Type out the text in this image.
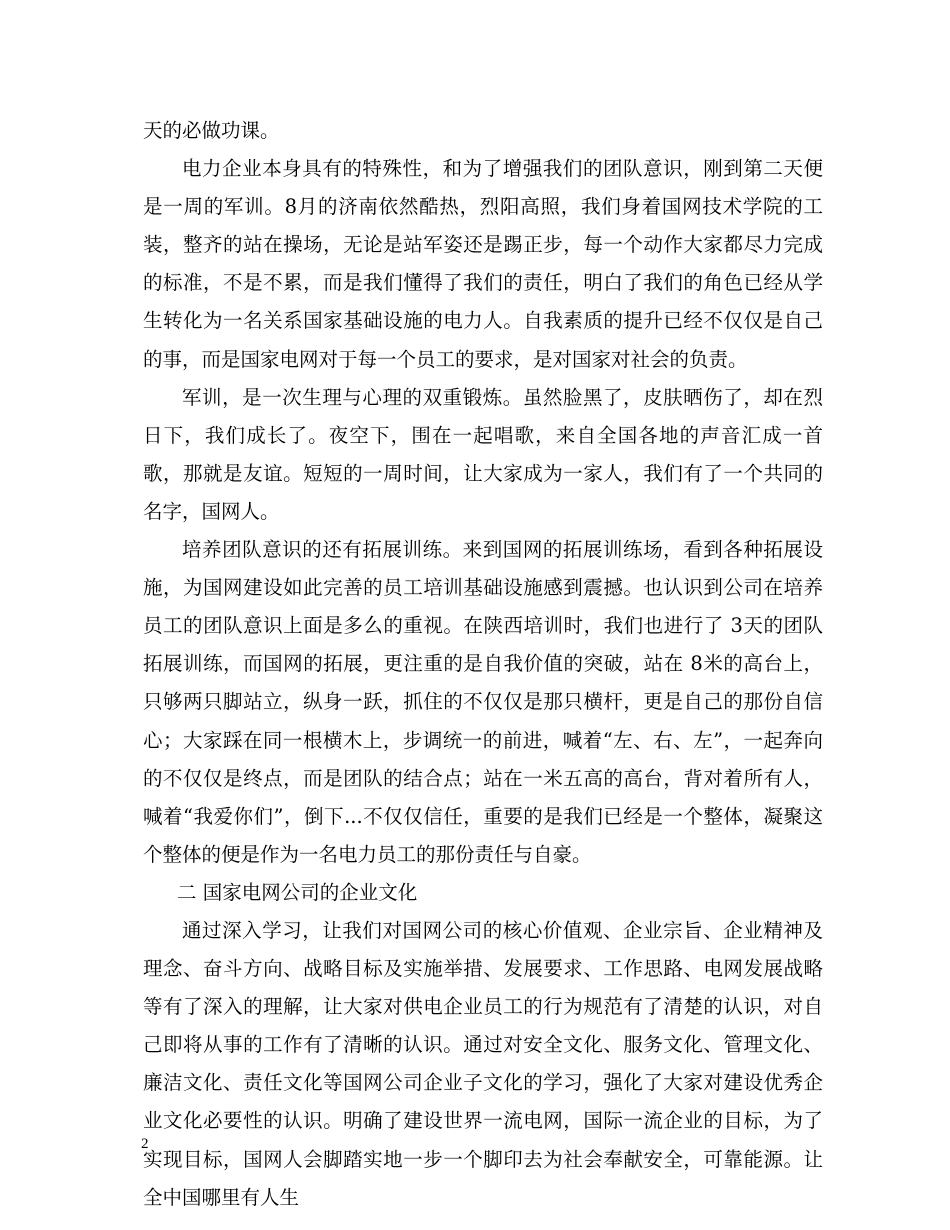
天的必做功课。

电力企业本身具有的特殊性，和为了增强我们的团队意识，刚到第二天便是一周的军训。8月的济南依然酷热，烈阳高照，我们身着国网技术学院的工装，整齐的站在操场，无论是站军姿还是踢正步，每一个动作大家都尽力完成的标准，不是不累，而是我们懂得了我们的责任，明白了我们的角色已经从学生转化为一名关系国家基础设施的电力人。自我素质的提升已经不仅仅是自己的事，而是国家电网对于每一个员工的要求，是对国家对社会的负责。

军训，是一次生理与心理的双重锻炼。虽然脸黑了，皮肤晒伤了，却在烈日下，我们成长了。夜空下，围在一起唱歌，来自全国各地的声音汇成一首歌，那就是友谊。短短的一周时间，让大家成为一家人，我们有了一个共同的名字，国网人。

培养团队意识的还有拓展训练。来到国网的拓展训练场，看到各种拓展设施，为国网建设如此完善的员工培训基础设施感到震撼。也认识到公司在培养员工的团队意识上面是多么的重视。在陕西培训时，我们也进行了 3天的团队拓展训练，而国网的拓展，更注重的是自我价值的突破，站在 8米的高台上，只够两只脚站立，纵身一跃，抓住的不仅仅是那只横杆，更是自己的那份自信心；大家踩在同一根横木上，步调统一的前进，喊着“左、右、左”，一起奔向的不仅仅是终点，而是团队的结合点；站在一米五高的高台，背对着所有人，喊着“我爱你们”，倒下...不仅仅信任，重要的是我们已经是一个整体，凝聚这个整体的便是作为一名电力员工的那份责任与自豪。

二 国家电网公司的企业文化

通过深入学习，让我们对国网公司的核心价值观、企业宗旨、企业精神及理念、奋斗方向、战略目标及实施举措、发展要求、工作思路、电网发展战略等有了深入的理解，让大家对供电企业员工的行为规范有了清楚的认识，对自己即将从事的工作有了清晰的认识。通过对安全文化、服务文化、管理文化、廉洁文化、责任文化等国网公司企业子文化的学习，强化了大家对建设优秀企业文化必要性的认识。明确了建设世界一流电网，国际一流企业的目标，为了实现目标，国网人会脚踏实地一步一个脚印去为社会奉献安全，可靠能源。让全中国哪里有人生

2
